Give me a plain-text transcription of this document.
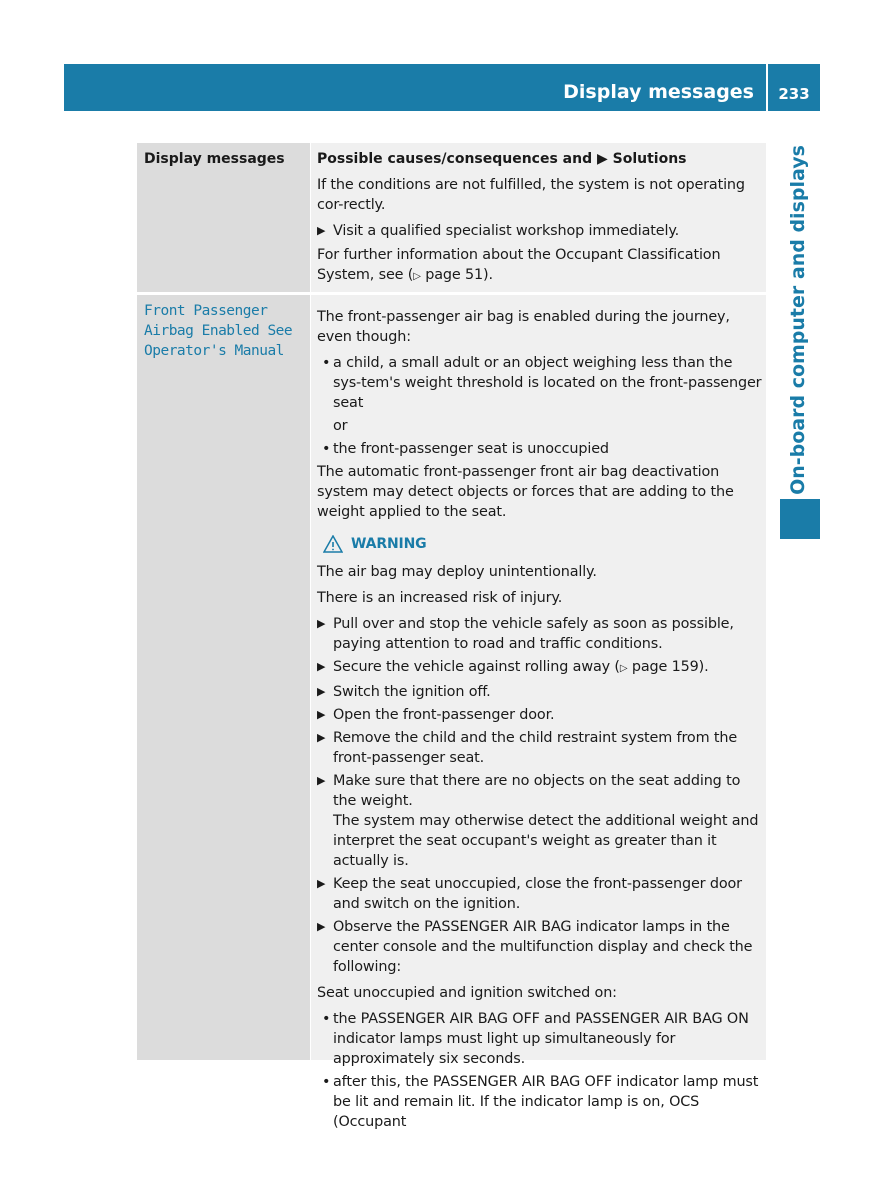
Display messages	233
On-board computer and displays
Display messages Possible causes/consequences and ▶ Solutions
Front Passenger
Airbag Enabled See
Operator's Manual

If the conditions are not fulfilled, the system is not operating cor-rectly.

▶ Visit a qualified specialist workshop immediately.

For further information about the Occupant Classification System, see (▷ page 51).

The front-passenger air bag is enabled during the journey, even though:

• a child, a small adult or an object weighing less than the sys-tem's weight threshold is located on the front-passenger seat
or
• the front-passenger seat is unoccupied

The automatic front-passenger front air bag deactivation system may detect objects or forces that are adding to the weight applied to the seat.

WARNING

The air bag may deploy unintentionally.

There is an increased risk of injury.

▶ Pull over and stop the vehicle safely as soon as possible, paying attention to road and traffic conditions.
▶ Secure the vehicle against rolling away (▷ page 159).
▶ Switch the ignition off.
▶ Open the front-passenger door.
▶ Remove the child and the child restraint system from the front-passenger seat.
▶ Make sure that there are no objects on the seat adding to the weight.
The system may otherwise detect the additional weight and interpret the seat occupant's weight as greater than it actually is.
▶ Keep the seat unoccupied, close the front-passenger door and switch on the ignition.
▶ Observe the PASSENGER AIR BAG indicator lamps in the center console and the multifunction display and check the following:

Seat unoccupied and ignition switched on:

• the PASSENGER AIR BAG OFF and PASSENGER AIR BAG ON indicator lamps must light up simultaneously for approximately six seconds.
• after this, the PASSENGER AIR BAG OFF indicator lamp must be lit and remain lit. If the indicator lamp is on, OCS (Occupant
